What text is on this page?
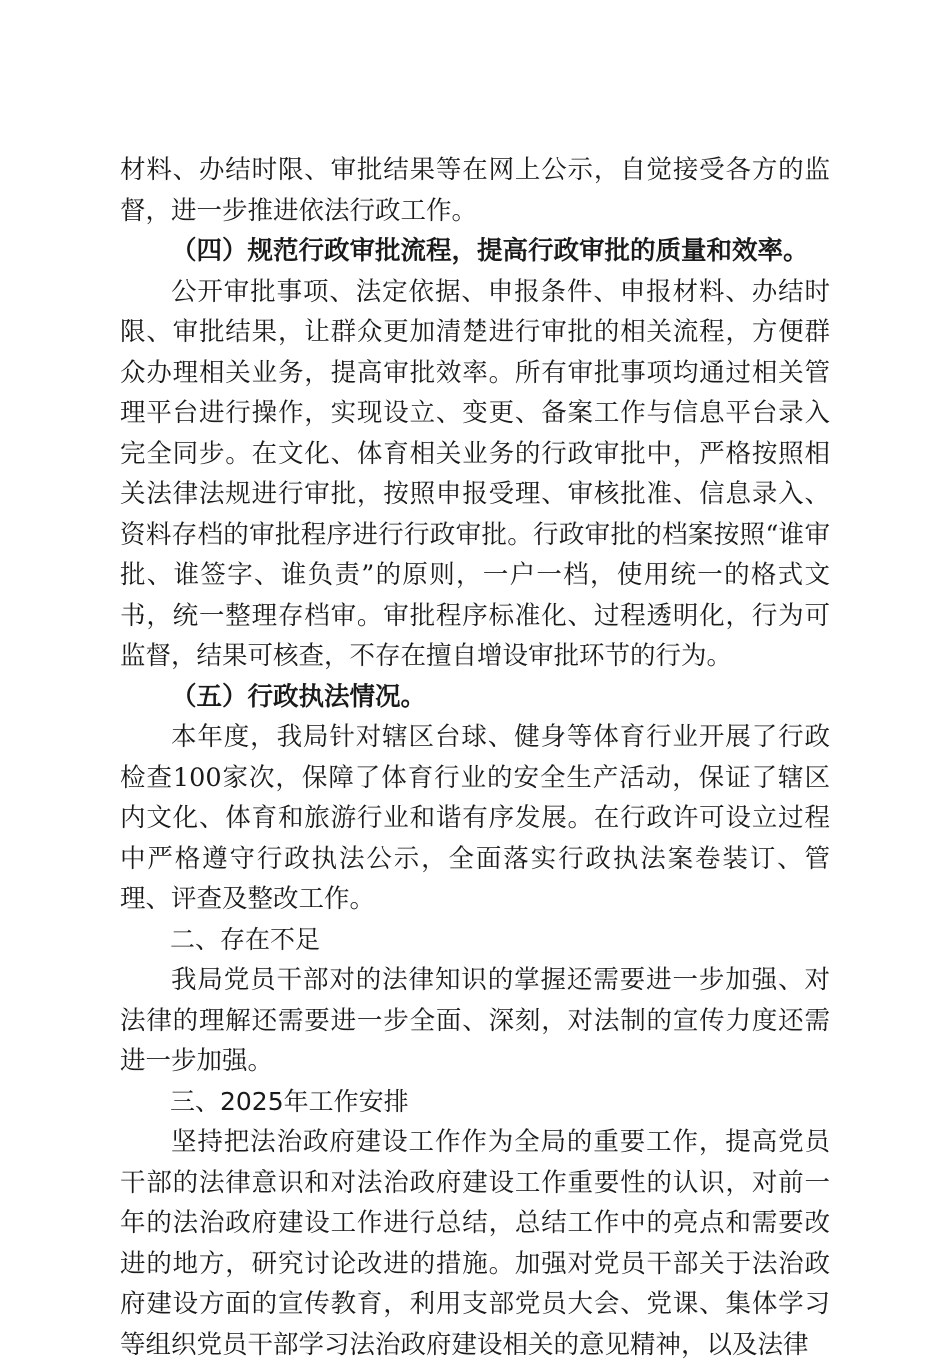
材料、办结时限、审批结果等在网上公示，自觉接受各方的监督，进一步推进依法行政工作。

（四）规范行政审批流程，提高行政审批的质量和效率。

公开审批事项、法定依据、申报条件、申报材料、办结时限、审批结果，让群众更加清楚进行审批的相关流程，方便群众办理相关业务，提高审批效率。所有审批事项均通过相关管理平台进行操作，实现设立、变更、备案工作与信息平台录入完全同步。在文化、体育相关业务的行政审批中，严格按照相关法律法规进行审批，按照申报受理、审核批准、信息录入、资料存档的审批程序进行行政审批。行政审批的档案按照“谁审批、谁签字、谁负责”的原则，一户一档，使用统一的格式文书，统一整理存档审。审批程序标准化、过程透明化，行为可监督，结果可核查，不存在擅自增设审批环节的行为。

（五）行政执法情况。

本年度，我局针对辖区台球、健身等体育行业开展了行政检查100家次，保障了体育行业的安全生产活动，保证了辖区内文化、体育和旅游行业和谐有序发展。在行政许可设立过程中严格遵守行政执法公示，全面落实行政执法案卷装订、管理、评查及整改工作。

二、存在不足

我局党员干部对的法律知识的掌握还需要进一步加强、对法律的理解还需要进一步全面、深刻，对法制的宣传力度还需进一步加强。

三、2025年工作安排

坚持把法治政府建设工作作为全局的重要工作，提高党员干部的法律意识和对法治政府建设工作重要性的认识，对前一年的法治政府建设工作进行总结，总结工作中的亮点和需要改进的地方，研究讨论改进的措施。加强对党员干部关于法治政府建设方面的宣传教育，利用支部党员大会、党课、集体学习等组织党员干部学习法治政府建设相关的意见精神，以及法律
